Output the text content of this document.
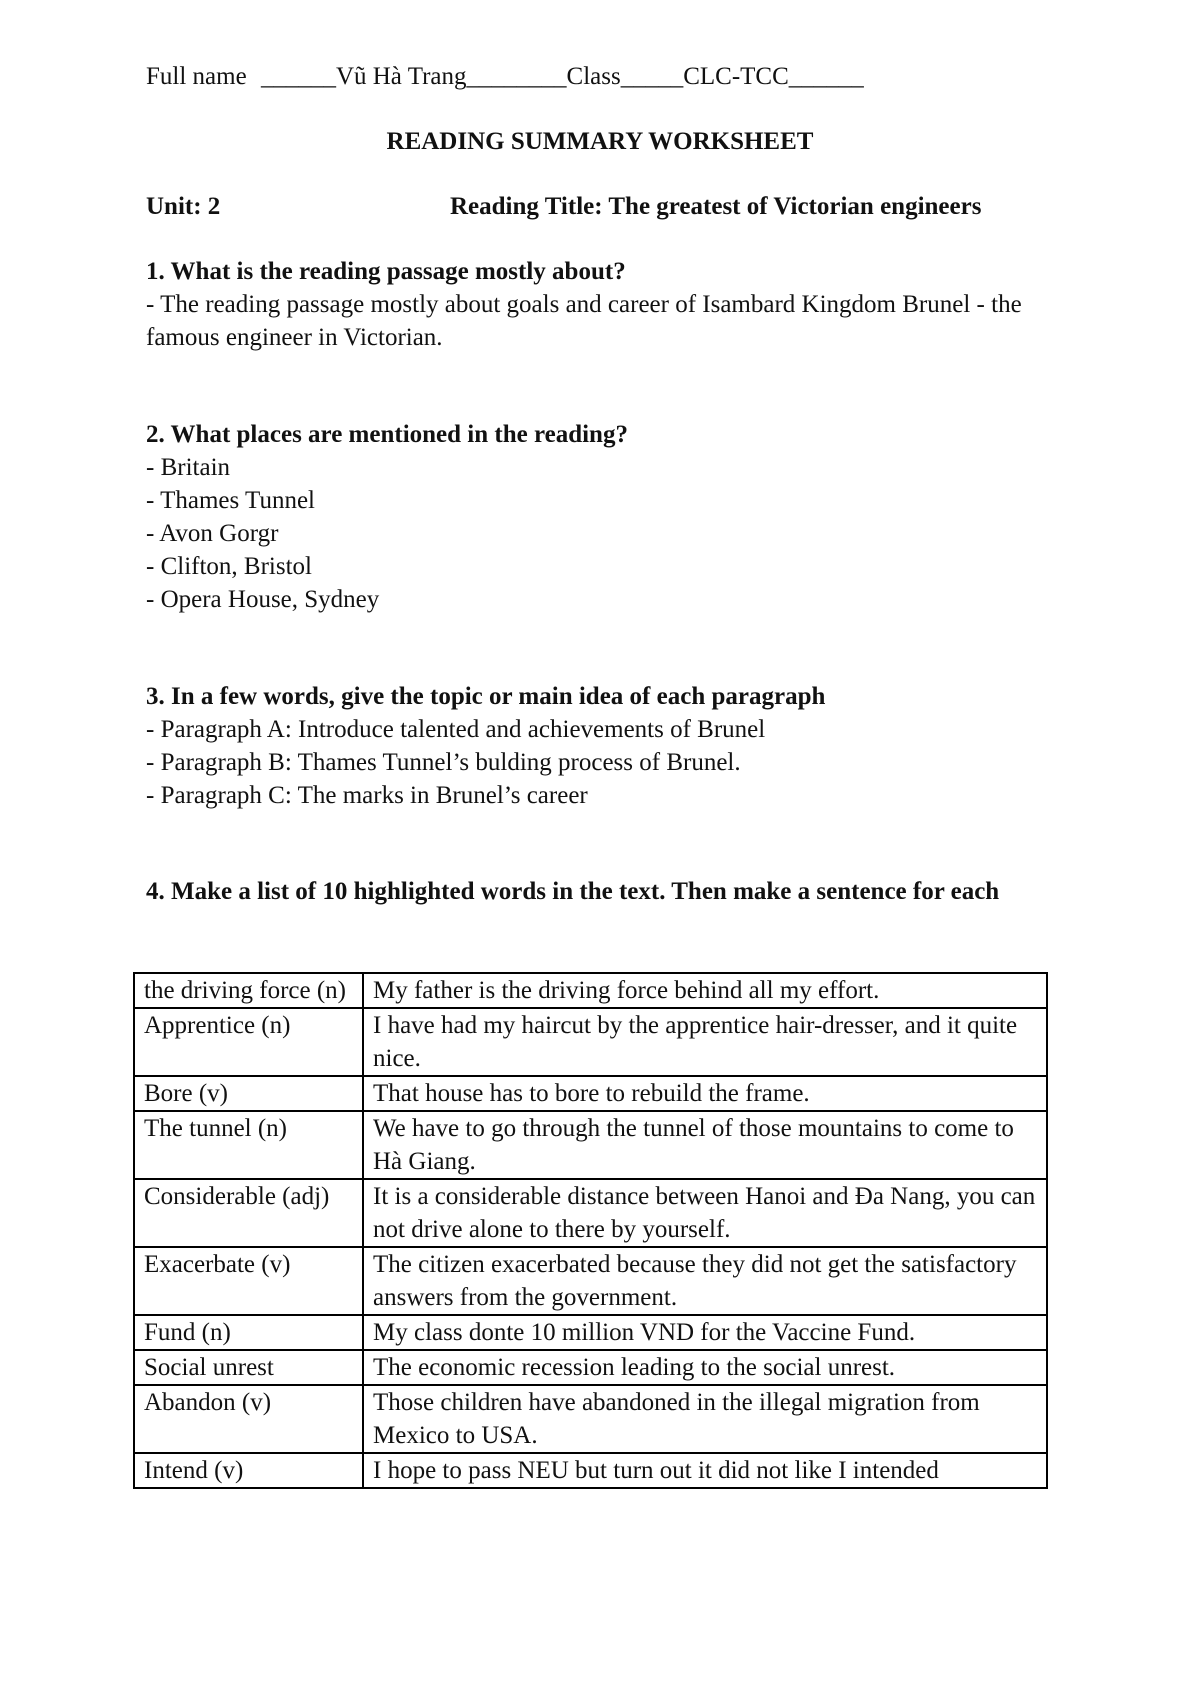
Full name ______Vũ Hà Trang________Class_____CLC-TCC______
READING SUMMARY WORKSHEET
Unit: 2	Reading Title: The greatest of Victorian engineers
1. What is the reading passage mostly about?
- The reading passage mostly about goals and career of Isambard Kingdom Brunel - the famous engineer in Victorian.
2. What places are mentioned in the reading?
- Britain
- Thames Tunnel
- Avon Gorgr
- Clifton, Bristol
- Opera House, Sydney
3. In a few words, give the topic or main idea of each paragraph
- Paragraph A: Introduce talented and achievements of Brunel
- Paragraph B: Thames Tunnel’s bulding process of Brunel.
- Paragraph C: The marks in Brunel’s career
4. Make a list of 10 highlighted words in the text. Then make a sentence for each
the driving force (n)	My father is the driving force behind all my effort.
Apprentice (n)	I have had my haircut by the apprentice hair-dresser, and it quite nice.
Bore (v)	That house has to bore to rebuild the frame.
The tunnel (n)	We have to go through the tunnel of those mountains to come to Hà Giang.
Considerable (adj)	It is a considerable distance between Hanoi and Đa Nang, you can not drive alone to there by yourself.
Exacerbate (v)	The citizen exacerbated because they did not get the satisfactory answers from the government.
Fund (n)	My class donte 10 million VND for the Vaccine Fund.
Social unrest	The economic recession leading to the social unrest.
Abandon (v)	Those children have abandoned in the illegal migration from Mexico to USA.
Intend (v)	I hope to pass NEU but turn out it did not like I intended
